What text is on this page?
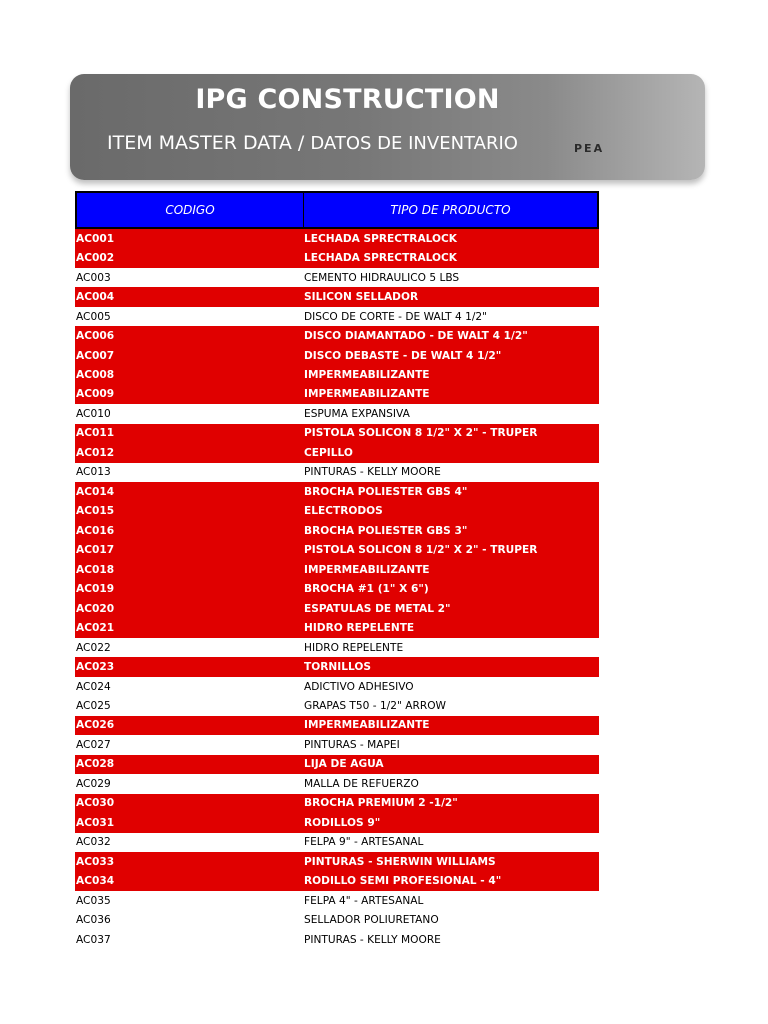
IPG CONSTRUCTION
ITEM MASTER DATA / DATOS DE INVENTARIO	PEA
CODIGO	TIPO DE PRODUCTO
AC001	LECHADA SPRECTRALOCK
AC002	LECHADA SPRECTRALOCK
AC003	CEMENTO HIDRAULICO 5 LBS
AC004	SILICON SELLADOR
AC005	DISCO DE CORTE - DE WALT 4 1/2"
AC006	DISCO DIAMANTADO - DE WALT 4 1/2"
AC007	DISCO DEBASTE - DE WALT 4 1/2"
AC008	IMPERMEABILIZANTE
AC009	IMPERMEABILIZANTE
AC010	ESPUMA EXPANSIVA
AC011	PISTOLA SOLICON 8 1/2" X 2" - TRUPER
AC012	CEPILLO
AC013	PINTURAS - KELLY MOORE
AC014	BROCHA POLIESTER GBS 4"
AC015	ELECTRODOS
AC016	BROCHA POLIESTER GBS 3"
AC017	PISTOLA SOLICON 8 1/2" X 2" - TRUPER
AC018	IMPERMEABILIZANTE
AC019	BROCHA #1 (1" X 6")
AC020	ESPATULAS DE METAL 2"
AC021	HIDRO REPELENTE
AC022	HIDRO REPELENTE
AC023	TORNILLOS
AC024	ADICTIVO ADHESIVO
AC025	GRAPAS T50 - 1/2" ARROW
AC026	IMPERMEABILIZANTE
AC027	PINTURAS - MAPEI
AC028	LIJA DE AGUA
AC029	MALLA DE REFUERZO
AC030	BROCHA PREMIUM 2 -1/2"
AC031	RODILLOS 9"
AC032	FELPA 9" - ARTESANAL
AC033	PINTURAS - SHERWIN WILLIAMS
AC034	RODILLO SEMI PROFESIONAL - 4"
AC035	FELPA 4" - ARTESANAL
AC036	SELLADOR POLIURETANO
AC037	PINTURAS - KELLY MOORE
